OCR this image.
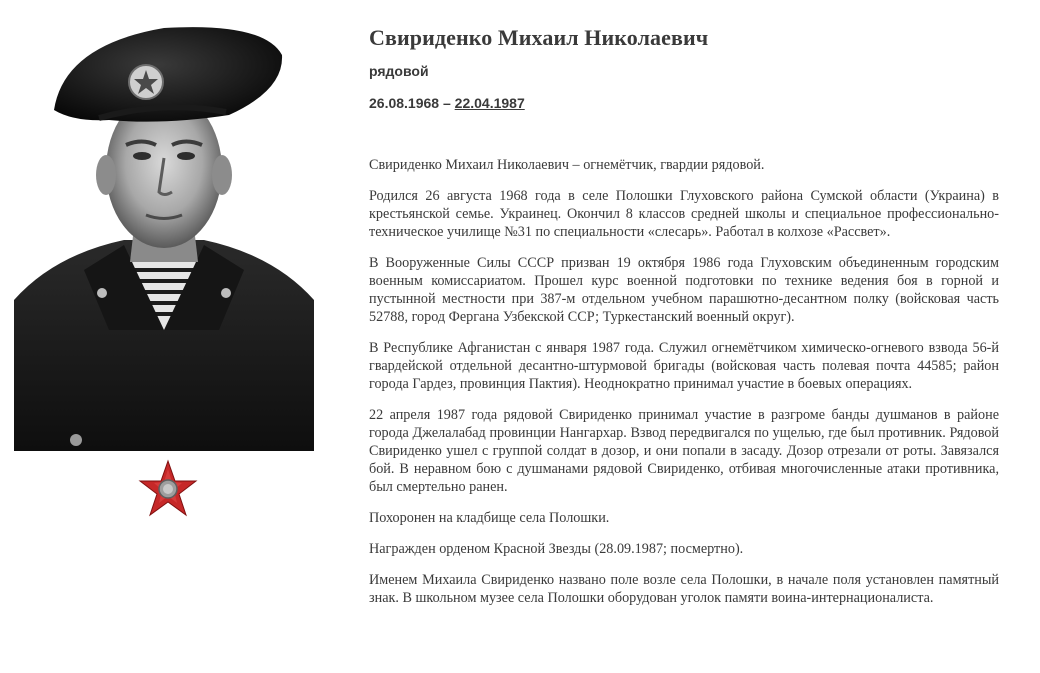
Свириденко Михаил Николаевич
рядовой
26.08.1968 – 22.04.1987

Свириденко Михаил Николаевич – огнемётчик, гвардии рядовой.

Родился 26 августа 1968 года в селе Полошки Глуховского района Сумской области (Украина) в крестьянской семье. Украинец. Окончил 8 классов средней школы и специальное профессионально-техническое училище №31 по специальности «слесарь». Работал в колхозе «Рассвет».

В Вооруженные Силы СССР призван 19 октября 1986 года Глуховским объединенным городским военным комиссариатом. Прошел курс военной подготовки по технике ведения боя в горной и пустынной местности при 387-м отдельном учебном парашютно-десантном полку (войсковая часть 52788, город Фергана Узбекской ССР; Туркестанский военный округ).

В Республике Афганистан с января 1987 года. Служил огнемётчиком химическо-огневого взвода 56-й гвардейской отдельной десантно-штурмовой бригады (войсковая часть полевая почта 44585; район города Гардез, провинция Пактия). Неоднократно принимал участие в боевых операциях.

22 апреля 1987 года рядовой Свириденко принимал участие в разгроме банды душманов в районе города Джелалабад провинции Нангархар. Взвод передвигался по ущелью, где был противник. Рядовой Свириденко ушел с группой солдат в дозор, и они попали в засаду. Дозор отрезали от роты. Завязался бой. В неравном бою с душманами рядовой Свириденко, отбивая многочисленные атаки противника, был смертельно ранен.

Похоронен на кладбище села Полошки.

Награжден орденом Красной Звезды (28.09.1987; посмертно).

Именем Михаила Свириденко названо поле возле села Полошки, в начале поля установлен памятный знак. В школьном музее села Полошки оборудован уголок памяти воина-интернационалиста.
